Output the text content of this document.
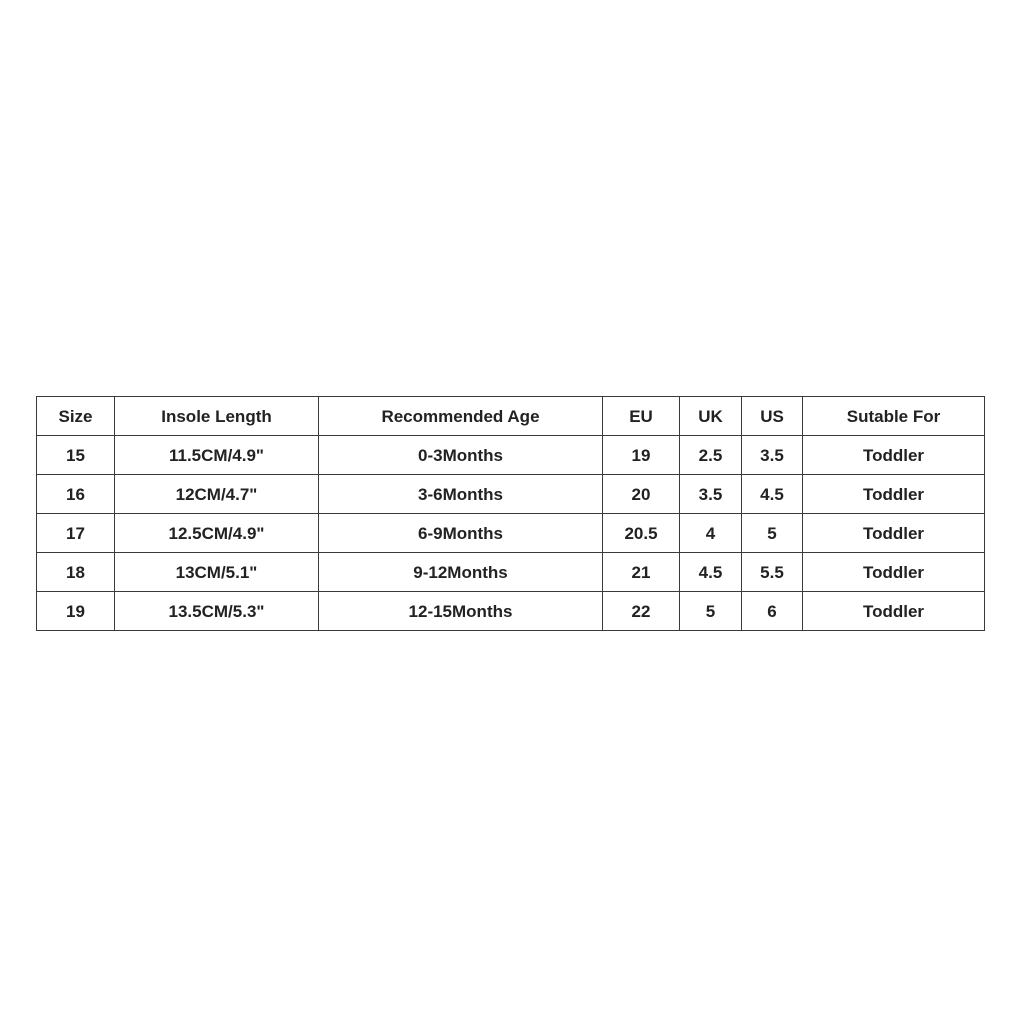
Size	Insole Length	Recommended Age	EU	UK	US	Sutable For
15	11.5CM/4.9"	0-3Months	19	2.5	3.5	Toddler
16	12CM/4.7"	3-6Months	20	3.5	4.5	Toddler
17	12.5CM/4.9"	6-9Months	20.5	4	5	Toddler
18	13CM/5.1"	9-12Months	21	4.5	5.5	Toddler
19	13.5CM/5.3"	12-15Months	22	5	6	Toddler
